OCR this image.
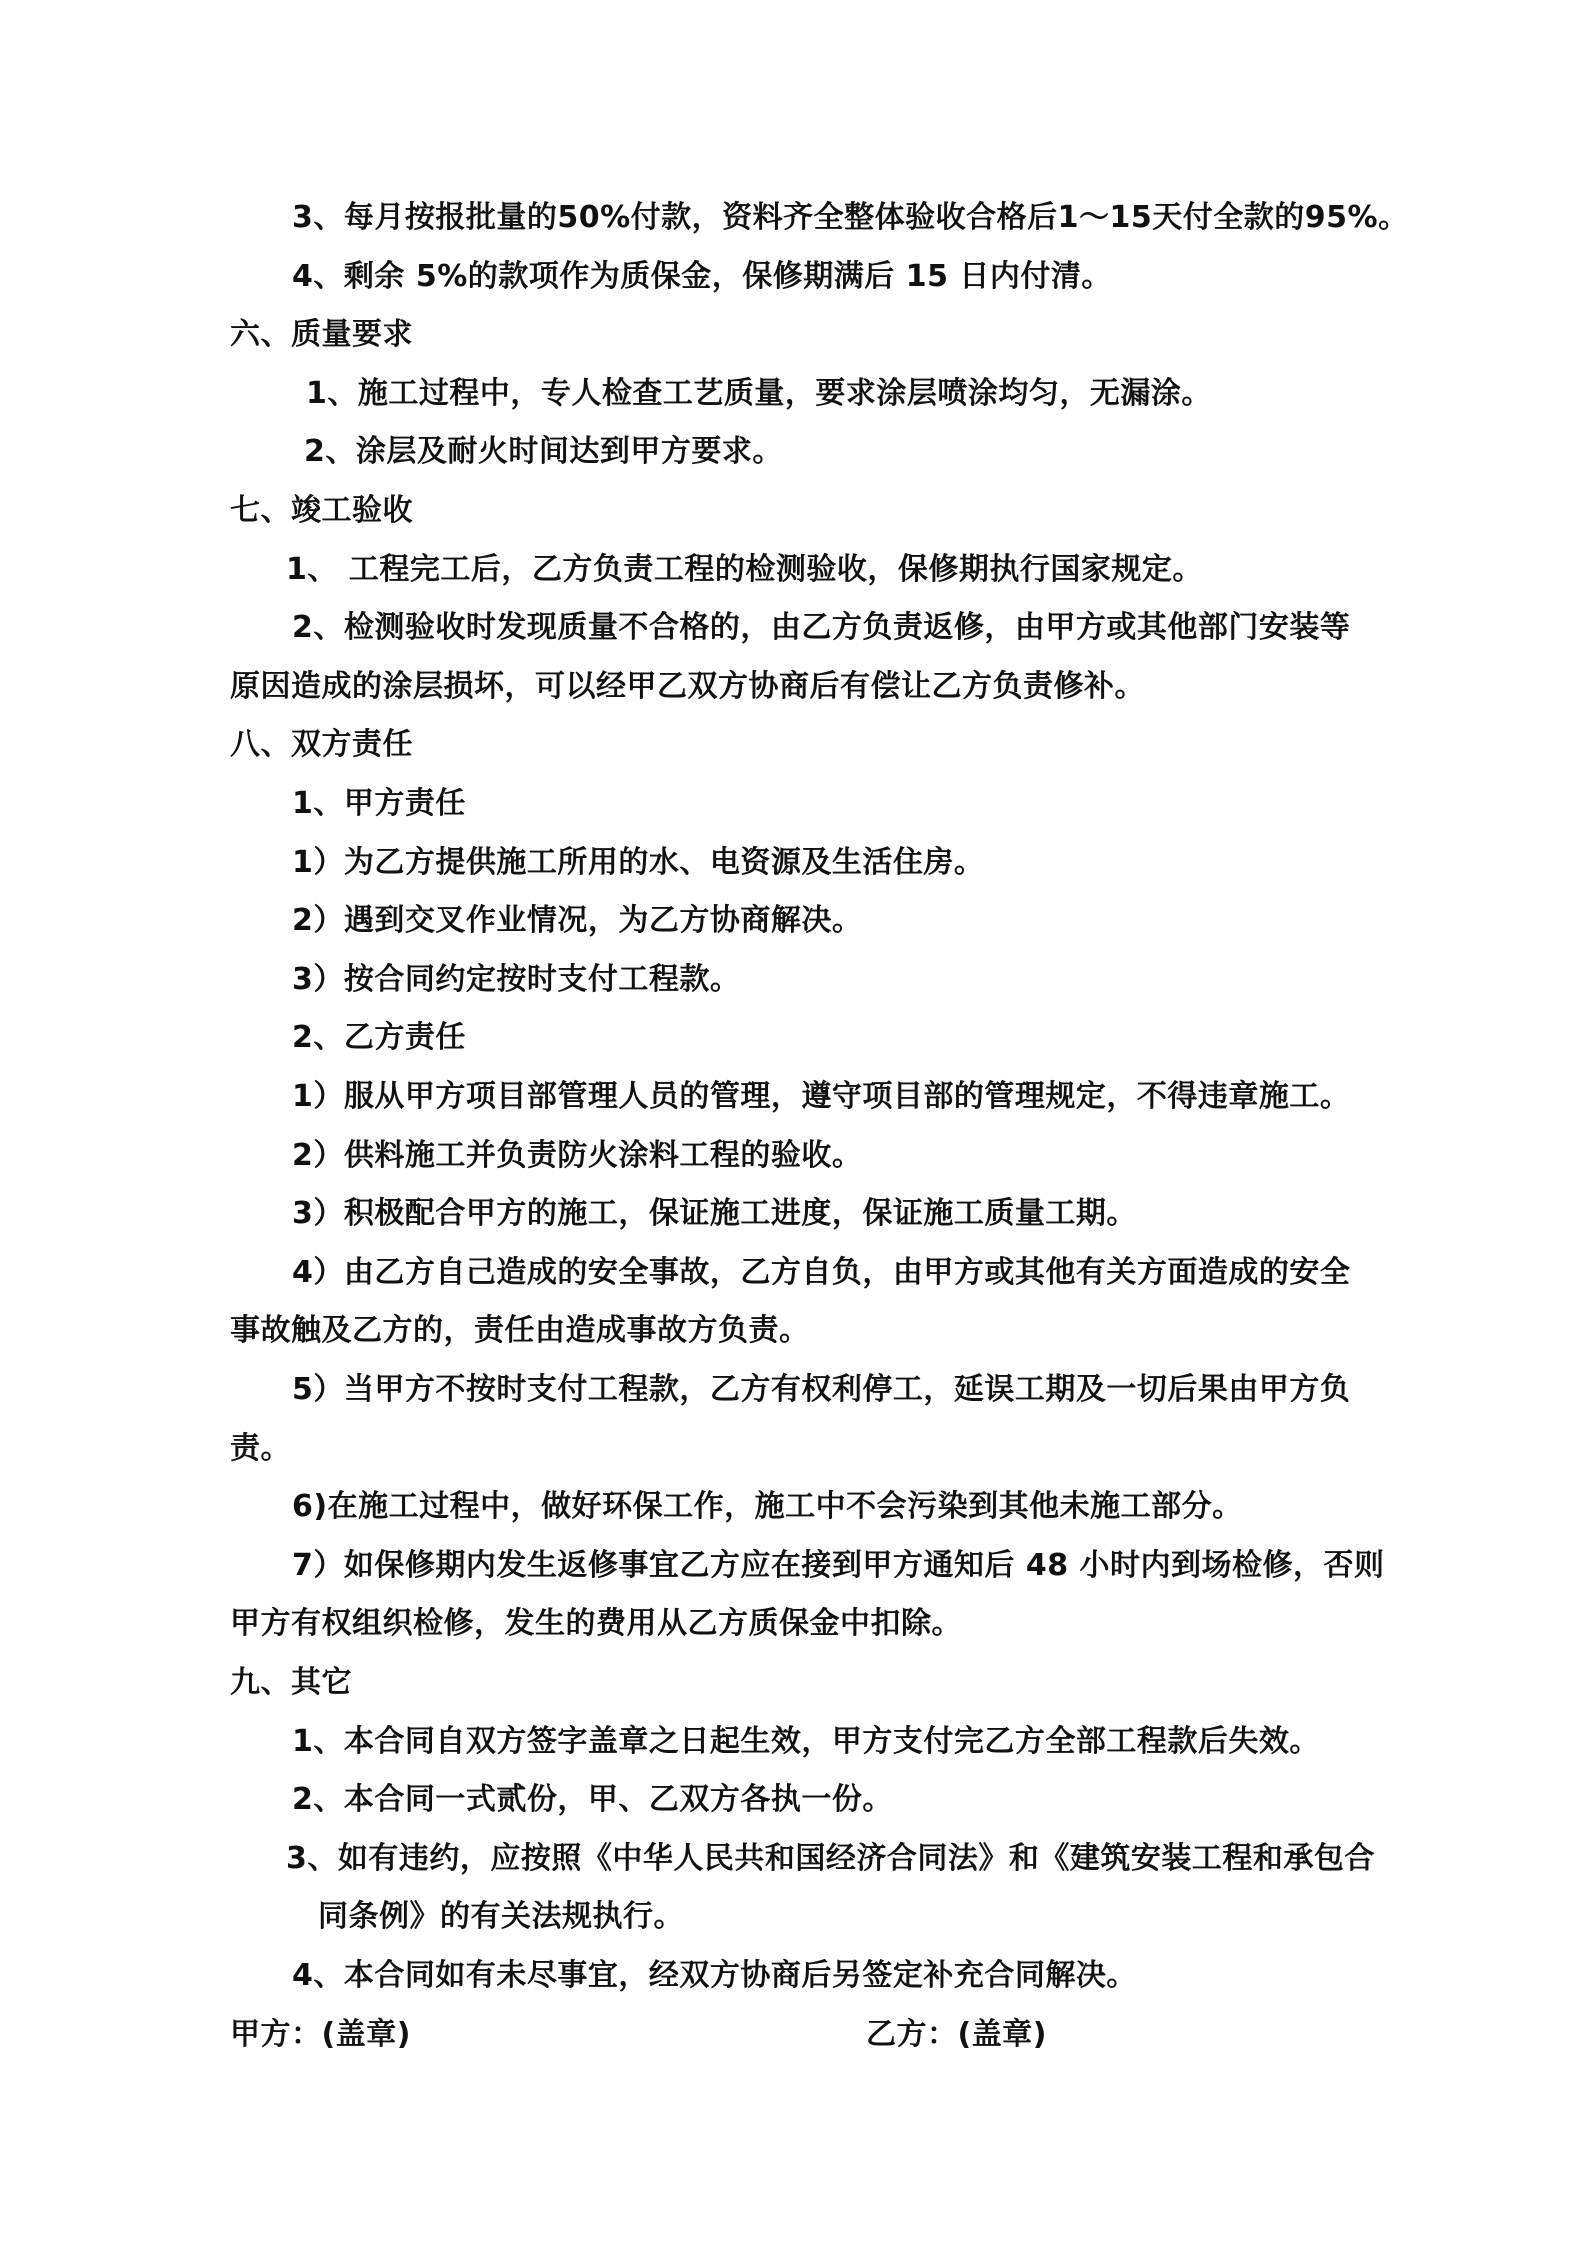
3、每月按报批量的50%付款，资料齐全整体验收合格后1～15天付全款的95%。
4、剩余 5%的款项作为质保金，保修期满后 15 日内付清。
六、质量要求
1、施工过程中，专人检查工艺质量，要求涂层喷涂均匀，无漏涂。
2、涂层及耐火时间达到甲方要求。
七、竣工验收
1、 工程完工后，乙方负责工程的检测验收，保修期执行国家规定。
2、检测验收时发现质量不合格的，由乙方负责返修，由甲方或其他部门安装等
原因造成的涂层损坏，可以经甲乙双方协商后有偿让乙方负责修补。
八、双方责任
1、甲方责任
1）为乙方提供施工所用的水、电资源及生活住房。
2）遇到交叉作业情况，为乙方协商解决。
3）按合同约定按时支付工程款。
2、乙方责任
1）服从甲方项目部管理人员的管理，遵守项目部的管理规定，不得违章施工。
2）供料施工并负责防火涂料工程的验收。
3）积极配合甲方的施工，保证施工进度，保证施工质量工期。
4）由乙方自己造成的安全事故，乙方自负，由甲方或其他有关方面造成的安全
事故触及乙方的，责任由造成事故方负责。
5）当甲方不按时支付工程款，乙方有权利停工，延误工期及一切后果由甲方负
责。
6)在施工过程中，做好环保工作，施工中不会污染到其他未施工部分。
7）如保修期内发生返修事宜乙方应在接到甲方通知后 48 小时内到场检修，否则
甲方有权组织检修，发生的费用从乙方质保金中扣除。
九、其它
1、本合同自双方签字盖章之日起生效，甲方支付完乙方全部工程款后失效。
2、本合同一式贰份，甲、乙双方各执一份。
3、如有违约，应按照《中华人民共和国经济合同法》和《建筑安装工程和承包合
同条例》的有关法规执行。
4、本合同如有未尽事宜，经双方协商后另签定补充合同解决。
甲方：(盖章)	乙方：(盖章)
